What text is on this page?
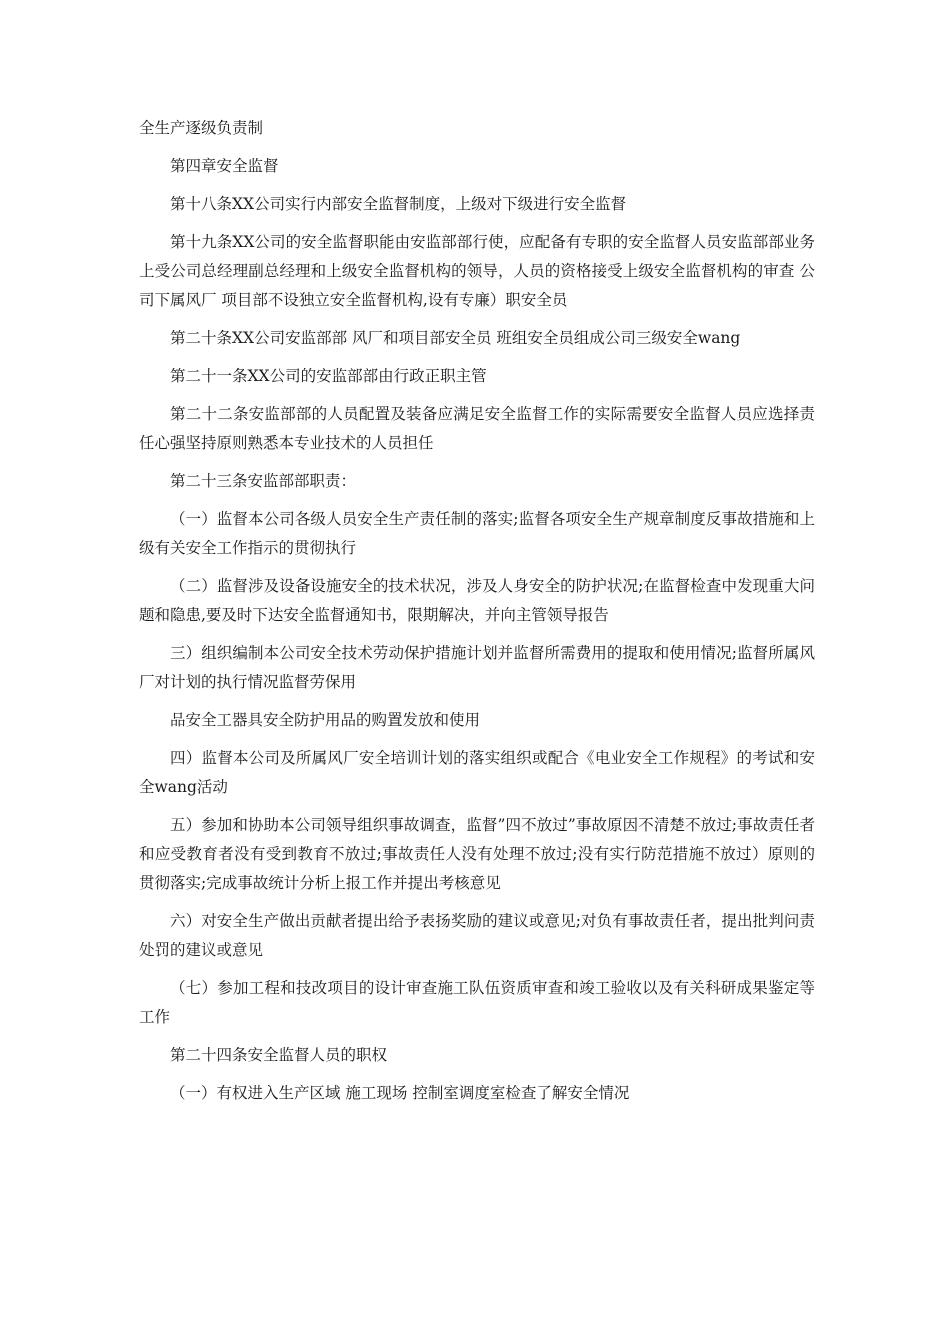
全生产逐级负责制

第四章安全监督

第十八条XX公司实行内部安全监督制度，上级对下级进行安全监督

第十九条XX公司的安全监督职能由安监部部行使，应配备有专职的安全监督人员安监部部业务上受公司总经理副总经理和上级安全监督机构的领导，人员的资格接受上级安全监督机构的审查 公司下属风厂 项目部不设独立安全监督机构,设有专廉）职安全员

第二十条XX公司安监部部 风厂和项目部安全员 班组安全员组成公司三级安全wang

第二十一条XX公司的安监部部由行政正职主管

第二十二条安监部部的人员配置及装备应满足安全监督工作的实际需要安全监督人员应选择责任心强坚持原则熟悉本专业技术的人员担任

第二十三条安监部部职责：

（一）监督本公司各级人员安全生产责任制的落实;监督各项安全生产规章制度反事故措施和上级有关安全工作指示的贯彻执行

（二）监督涉及设备设施安全的技术状况，涉及人身安全的防护状况;在监督检查中发现重大问题和隐患,要及时下达安全监督通知书，限期解决，并向主管领导报告

三）组织编制本公司安全技术劳动保护措施计划并监督所需费用的提取和使用情况;监督所属风厂对计划的执行情况监督劳保用

品安全工器具安全防护用品的购置发放和使用

四）监督本公司及所属风厂安全培训计划的落实组织或配合《电业安全工作规程》的考试和安全wang活动

五）参加和协助本公司领导组织事故调查，监督”四不放过”事故原因不清楚不放过;事故责任者和应受教育者没有受到教育不放过;事故责任人没有处理不放过;没有实行防范措施不放过）原则的贯彻落实;完成事故统计分析上报工作并提出考核意见

六）对安全生产做出贡献者提出给予表扬奖励的建议或意见;对负有事故责任者，提出批判问责处罚的建议或意见

（七）参加工程和技改项目的设计审查施工队伍资质审查和竣工验收以及有关科研成果鉴定等工作

第二十四条安全监督人员的职权

（一）有权进入生产区域 施工现场 控制室调度室检查了解安全情况
